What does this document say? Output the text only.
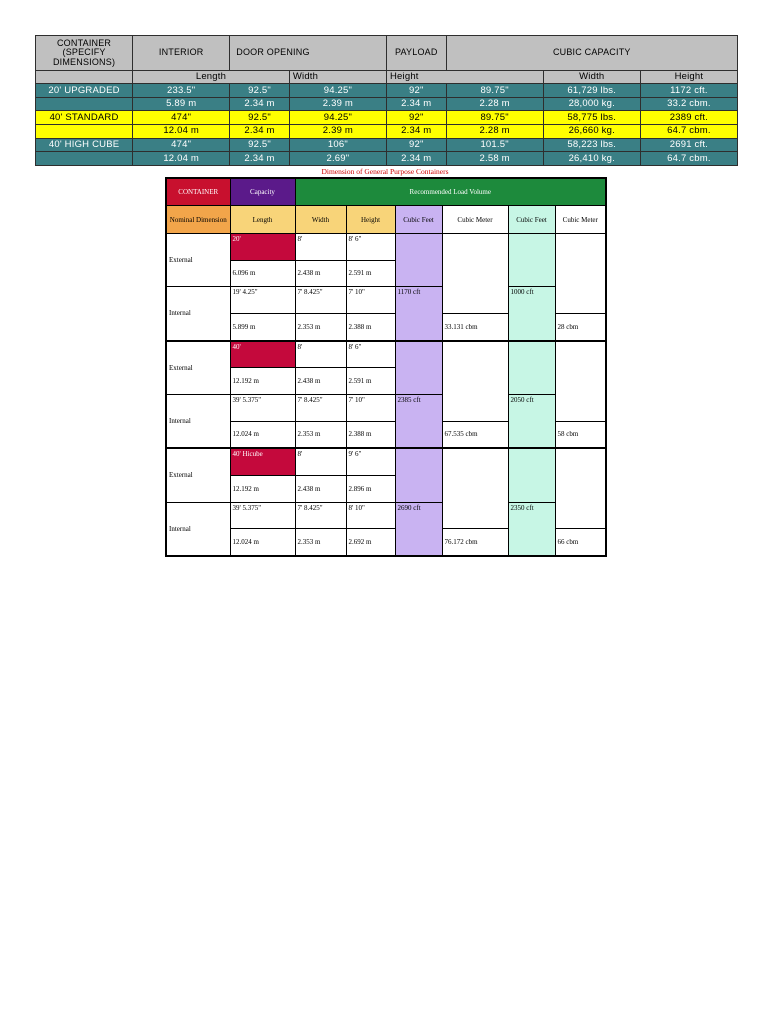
CONTAINER (SPECIFY DIMENSIONS)	INTERIOR	DOOR OPENING		PAYLOAD	CUBIC CAPACITY		
	Length		Width	Height		Width	Height
20' UPGRADED	233.5"	92.5"	94.25"	92"	89.75"	61,729 lbs.	1172 cft.
	5.89 m	2.34 m	2.39 m	2.34 m	2.28 m	28,000 kg.	33.2 cbm.
40' STANDARD	474"	92.5"	94.25"	92"	89.75"	58,775 lbs.	2389 cft.
	12.04 m	2.34 m	2.39 m	2.34 m	2.28 m	26,660 kg.	64.7 cbm.
40' HIGH CUBE	474"	92.5"	106"	92"	101.5"	58,223 lbs.	2691 cft.
	12.04 m	2.34 m	2.69"	2.34 m	2.58 m	26,410 kg.	64.7 cbm.
Dimension of General Purpose Containers
CONTAINER	Capacity	Recommended Load Volume					
Nominal Dimension	Length	Width	Height	Cubic Feet	Cubic Meter	Cubic Feet	Cubic Meter
External	20'	8'	8' 6"				
	6.096 m	2.438 m	2.591 m				
Internal	19' 4.25"	7' 8.425"	7' 10"	1170 cft		1000 cft	
	5.899 m	2.353 m	2.388 m		33.131 cbm		28 cbm
External	40'	8'	8' 6"				
	12.192 m	2.438 m	2.591 m				
Internal	39' 5.375"	7' 8.425"	7' 10"	2385 cft		2050 cft	
	12.024 m	2.353 m	2.388 m		67.535 cbm		58 cbm
External	40' Hicube	8'	9' 6"				
	12.192 m	2.438 m	2.896 m				
Internal	39' 5.375"	7' 8.425"	8' 10"	2690 cft		2350 cft	
	12.024 m	2.353 m	2.692 m		76.172 cbm		66 cbm
